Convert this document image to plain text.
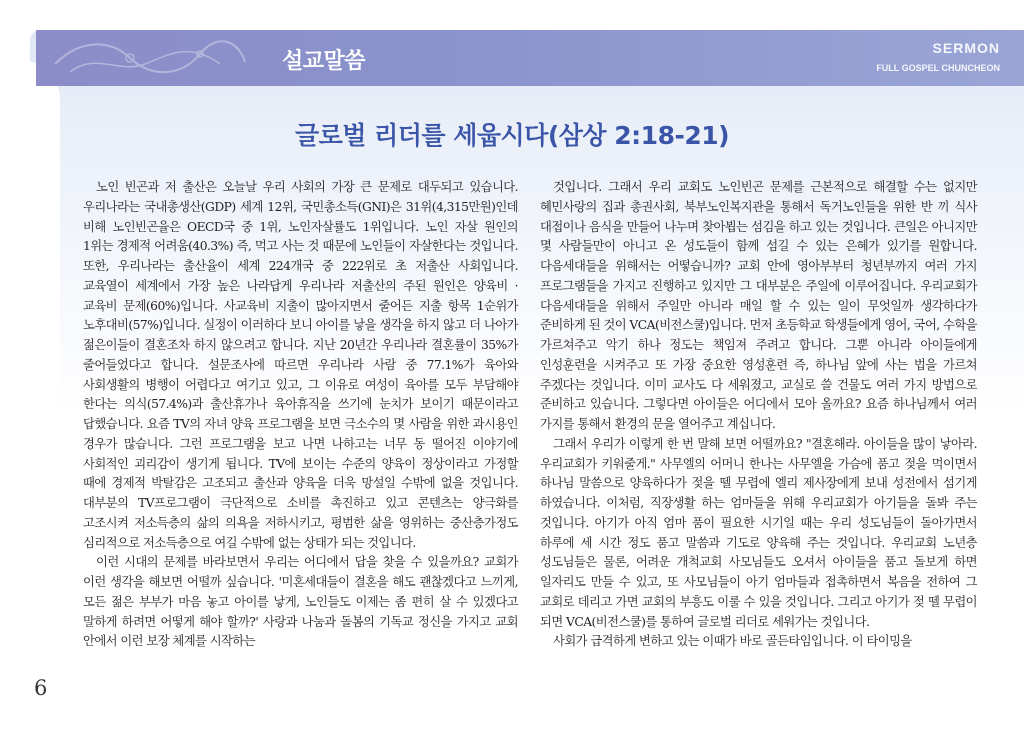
설교말씀
SERMON
FULL GOSPEL CHUNCHEON
글로벌 리더를 세웁시다(삼상 2:18-21)

노인 빈곤과 저 출산은 오늘날 우리 사회의 가장 큰 문제로 대두되고 있습니다. 우리나라는 국내총생산(GDP) 세계 12위, 국민총소득(GNI)은 31위(4,315만원)인데 비해 노인빈곤율은 OECD국 중 1위, 노인자살률도 1위입니다. 노인 자살 원인의 1위는 경제적 어려움(40.3%) 즉, 먹고 사는 것 때문에 노인들이 자살한다는 것입니다. 또한, 우리나라는 출산율이 세계 224개국 중 222위로 초 저출산 사회입니다. 교육열이 세계에서 가장 높은 나라답게 우리나라 저출산의 주된 원인은 양육비 · 교육비 문제(60%)입니다. 사교육비 지출이 많아지면서 줄어든 지출 항목 1순위가 노후대비(57%)입니다. 실정이 이러하다 보니 아이를 낳을 생각을 하지 않고 더 나아가 젊은이들이 결혼조차 하지 않으려고 합니다. 지난 20년간 우리나라 결혼률이 35%가 줄어들었다고 합니다. 설문조사에 따르면 우리나라 사람 중 77.1%가 육아와 사회생활의 병행이 어렵다고 여기고 있고, 그 이유로 여성이 육아를 모두 부담해야 한다는 의식(57.4%)과 출산휴가나 육아휴직을 쓰기에 눈치가 보이기 때문이라고 답했습니다. 요즘 TV의 자녀 양육 프로그램을 보면 극소수의 몇 사람을 위한 과시용인 경우가 많습니다. 그런 프로그램을 보고 나면 나하고는 너무 동 떨어진 이야기에 사회적인 괴리감이 생기게 됩니다. TV에 보이는 수준의 양육이 정상이라고 가정할 때에 경제적 박탈감은 고조되고 출산과 양육을 더욱 망설일 수밖에 없을 것입니다. 대부분의 TV프로그램이 극단적으로 소비를 촉진하고 있고 콘텐츠는 양극화를 고조시켜 저소득층의 삶의 의욕을 저하시키고, 평범한 삶을 영위하는 중산층가정도 심리적으로 저소득층으로 여길 수밖에 없는 상태가 되는 것입니다.

이런 시대의 문제를 바라보면서 우리는 어디에서 답을 찾을 수 있을까요? 교회가 이런 생각을 해보면 어떨까 싶습니다. '미혼세대들이 결혼을 해도 괜찮겠다고 느끼게, 모든 젊은 부부가 마음 놓고 아이를 낳게, 노인들도 이제는 좀 편히 살 수 있겠다고 말하게 하려면 어떻게 해야 할까?' 사랑과 나눔과 돌봄의 기독교 정신을 가지고 교회 안에서 이런 보장 체계를 시작하는

것입니다. 그래서 우리 교회도 노인빈곤 문제를 근본적으로 해결할 수는 없지만 혜민사랑의 집과 총권사회, 북부노인복지관을 통해서 독거노인들을 위한 반 끼 식사 대접이나 음식을 만들어 나누며 찾아뵙는 섬김을 하고 있는 것입니다. 큰일은 아니지만 몇 사람들만이 아니고 온 성도들이 함께 섬길 수 있는 은혜가 있기를 원합니다. 다음세대들을 위해서는 어떻습니까? 교회 안에 영아부부터 청년부까지 여러 가지 프로그램들을 가지고 진행하고 있지만 그 대부분은 주일에 이루어집니다. 우리교회가 다음세대들을 위해서 주일만 아니라 매일 할 수 있는 일이 무엇일까 생각하다가 준비하게 된 것이 VCA(비전스쿨)입니다. 먼저 초등학교 학생들에게 영어, 국어, 수학을 가르쳐주고 악기 하나 정도는 책임져 주려고 합니다. 그뿐 아니라 아이들에게 인성훈련을 시켜주고 또 가장 중요한 영성훈련 즉, 하나님 앞에 사는 법을 가르쳐 주겠다는 것입니다. 이미 교사도 다 세워졌고, 교실로 쓸 건물도 여러 가지 방법으로 준비하고 있습니다. 그렇다면 아이들은 어디에서 모아 올까요? 요즘 하나님께서 여러 가지를 통해서 환경의 문을 열어주고 계십니다.

그래서 우리가 이렇게 한 번 말해 보면 어떨까요? "결혼해라. 아이들을 많이 낳아라. 우리교회가 키워줄게." 사무엘의 어머니 한나는 사무엘을 가슴에 품고 젖을 먹이면서 하나님 말씀으로 양육하다가 젖을 뗄 무렵에 엘리 제사장에게 보내 성전에서 섬기게 하였습니다. 이처럼, 직장생활 하는 엄마들을 위해 우리교회가 아기들을 돌봐 주는 것입니다. 아기가 아직 엄마 품이 필요한 시기일 때는 우리 성도님들이 돌아가면서 하루에 세 시간 정도 품고 말씀과 기도로 양육해 주는 것입니다. 우리교회 노년층 성도님들은 물론, 어려운 개척교회 사모님들도 오셔서 아이들을 품고 돌보게 하면 일자리도 만들 수 있고, 또 사모님들이 아기 엄마들과 접촉하면서 복음을 전하여 그 교회로 데리고 가면 교회의 부흥도 이룰 수 있을 것입니다. 그리고 아기가 젖 뗄 무렵이 되면 VCA(비전스쿨)를 통하여 글로벌 리더로 세워가는 것입니다.

사회가 급격하게 변하고 있는 이때가 바로 골든타임입니다. 이 타이밍을

6
